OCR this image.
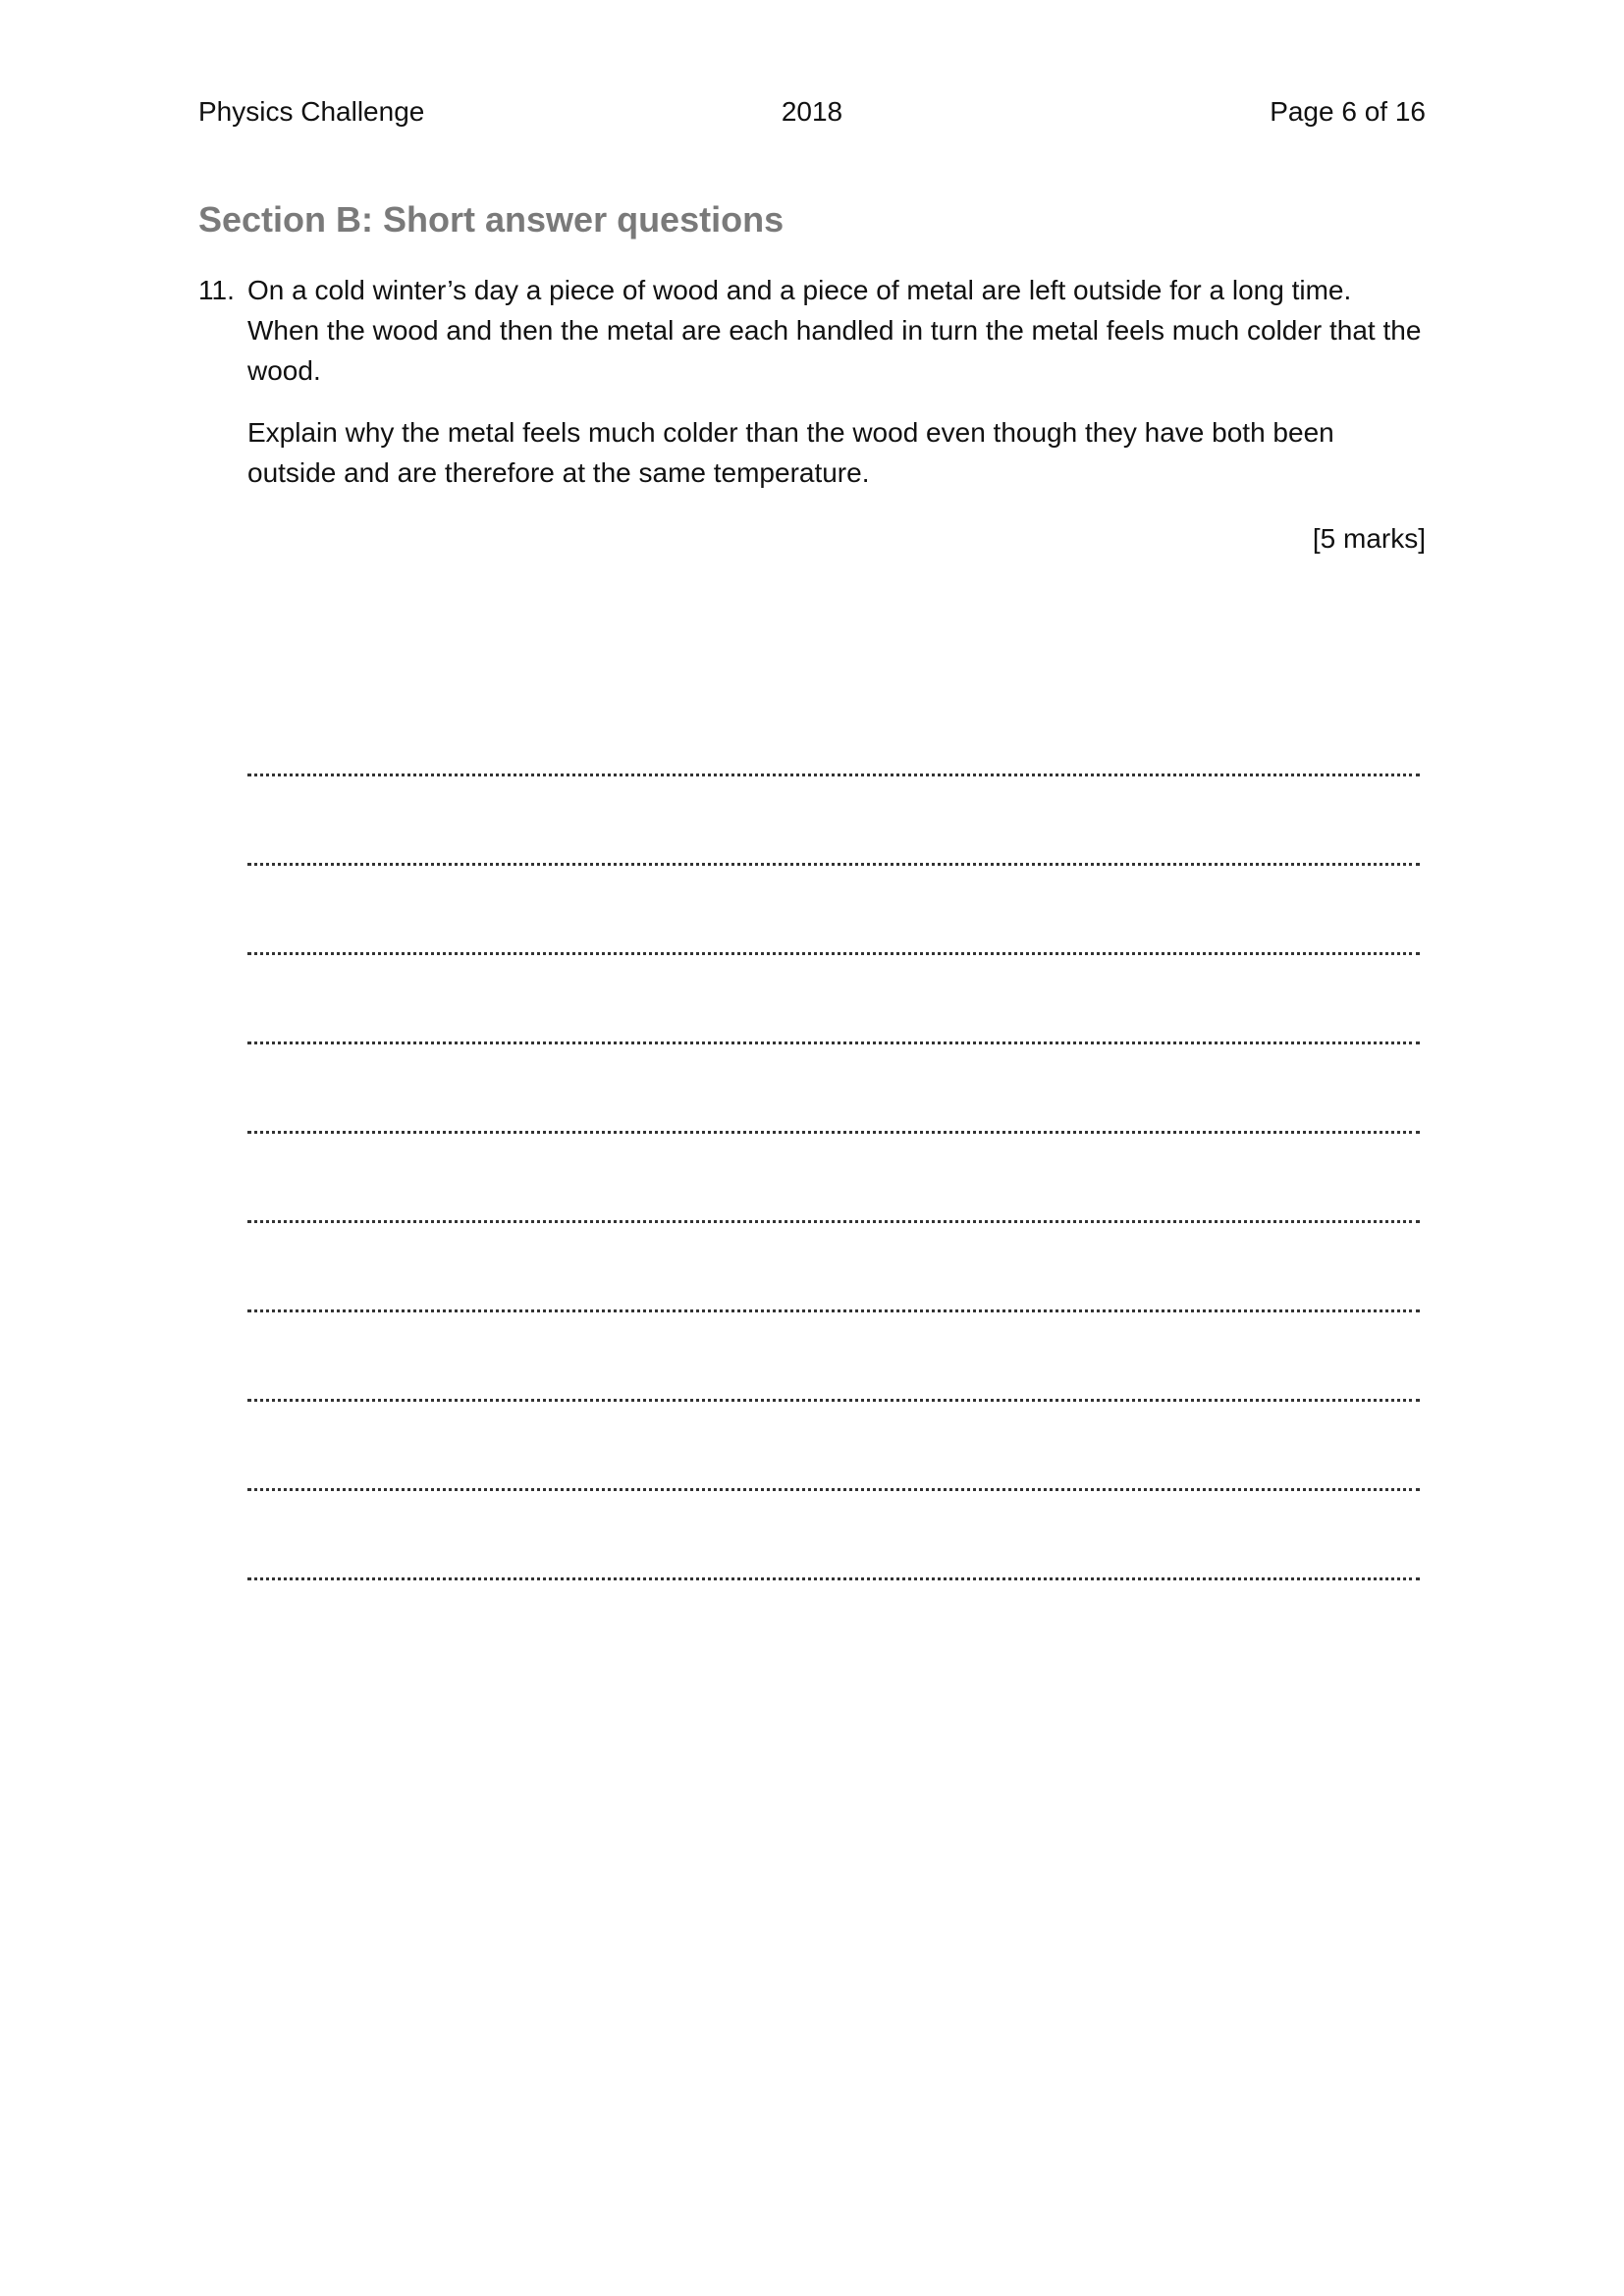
Physics Challenge	2018	Page 6 of 16
Section B: Short answer questions
11. On a cold winter’s day a piece of wood and a piece of metal are left outside for a long time. When the wood and then the metal are each handled in turn the metal feels much colder that the wood.

Explain why the metal feels much colder than the wood even though they have both been outside and are therefore at the same temperature.

[5 marks]
